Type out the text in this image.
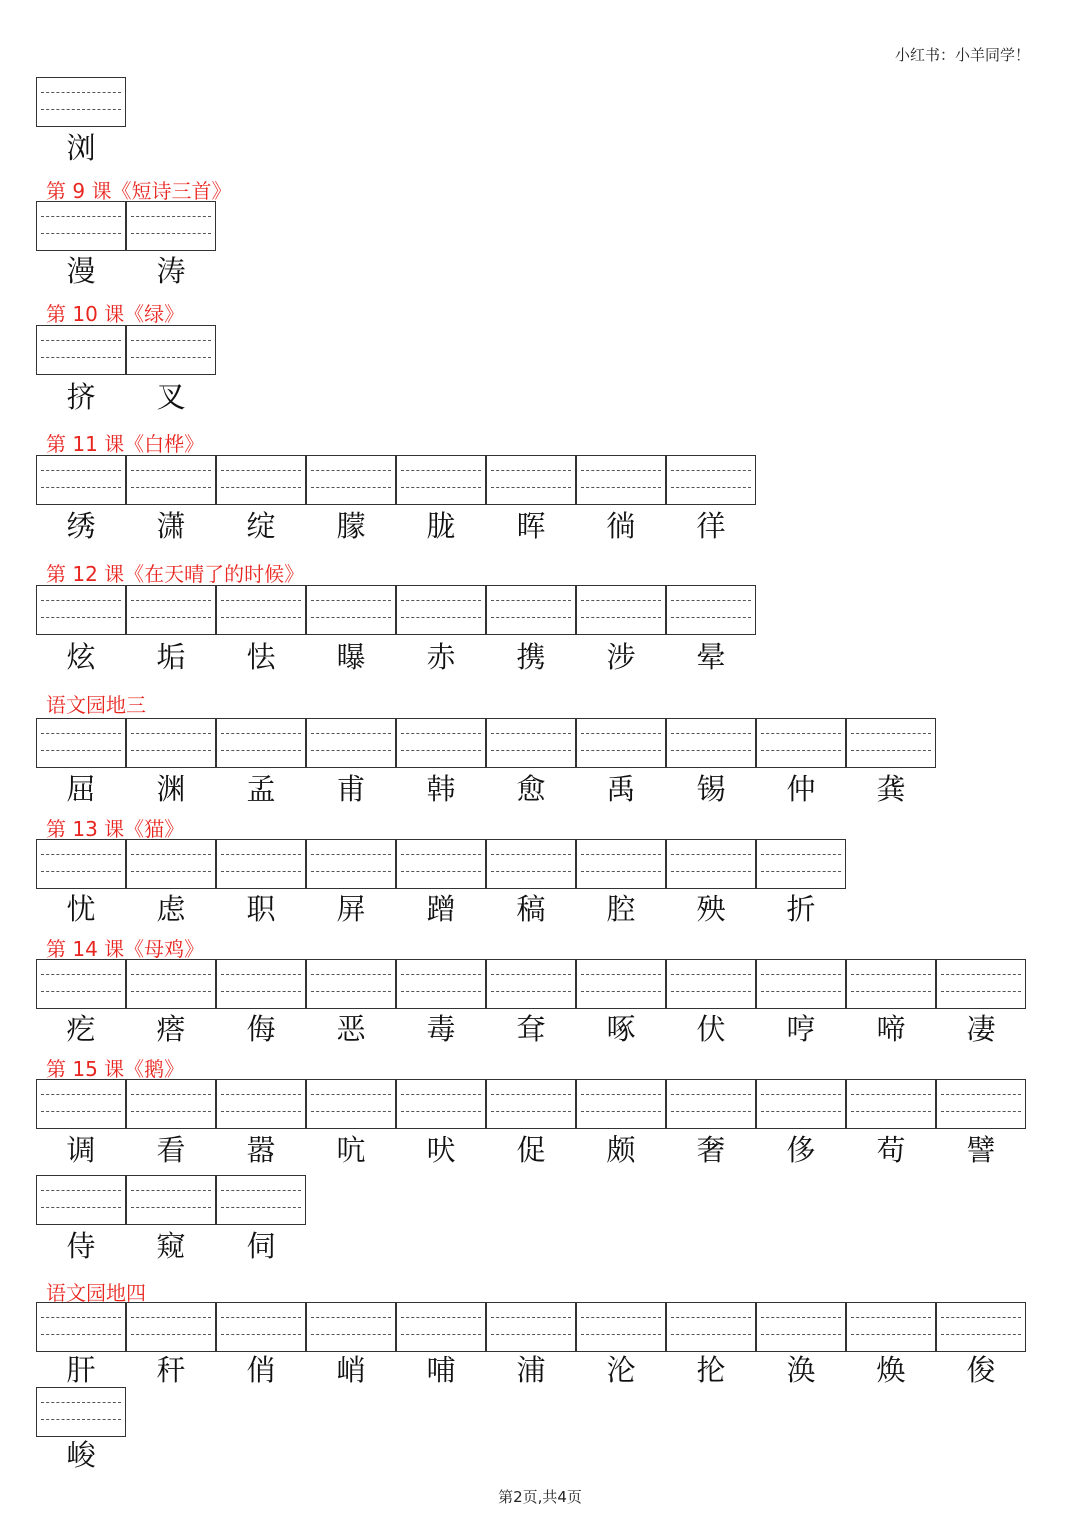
小红书：小羊同学！
浏
第 9 课《短诗三首》
漫	涛
第 10 课《绿》
挤	叉
第 11 课《白桦》
绣	潇	绽	朦	胧	晖	徜	徉
第 12 课《在天晴了的时候》
炫	垢	怯	曝	赤	携	涉	晕
语文园地三
屈	渊	孟	甫	韩	愈	禹	锡	仲	龚
第 13 课《猫》
忧	虑	职	屏	蹭	稿	腔	殃	折
第 14 课《母鸡》
疙	瘩	侮	恶	毒	耷	啄	伏	哼	啼	凄
第 15 课《鹅》
调	看	嚣	吭	吠	促	颇	奢	侈	苟	譬
侍	窥	伺
语文园地四
肝	秆	俏	峭	哺	浦	沦	抡	涣	焕	俊
峻
第2页,共4页
